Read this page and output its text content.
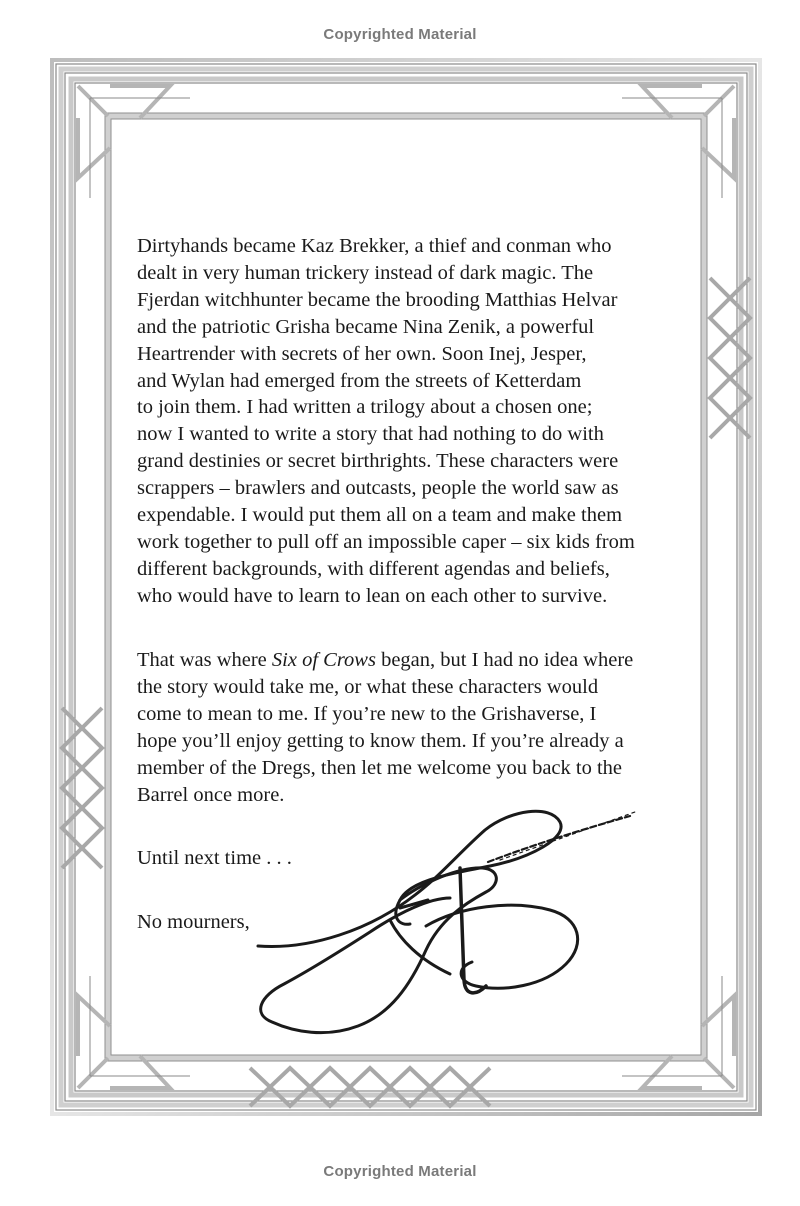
Copyrighted Material

Dirtyhands became Kaz Brekker, a thief and conman who
dealt in very human trickery instead of dark magic. The
Fjerdan witchhunter became the brooding Matthias Helvar
and the patriotic Grisha became Nina Zenik, a powerful
Heartrender with secrets of her own. Soon Inej, Jesper,
and Wylan had emerged from the streets of Ketterdam
to join them. I had written a trilogy about a chosen one;
now I wanted to write a story that had nothing to do with
grand destinies or secret birthrights. These characters were
scrappers – brawlers and outcasts, people the world saw as
expendable. I would put them all on a team and make them
work together to pull off an impossible caper – six kids from
different backgrounds, with different agendas and beliefs,
who would have to learn to lean on each other to survive.

That was where Six of Crows began, but I had no idea where
the story would take me, or what these characters would
come to mean to me. If you’re new to the Grishaverse, I
hope you’ll enjoy getting to know them. If you’re already a
member of the Dregs, then let me welcome you back to the
Barrel once more.

Until next time . . .

No mourners,

Copyrighted Material
